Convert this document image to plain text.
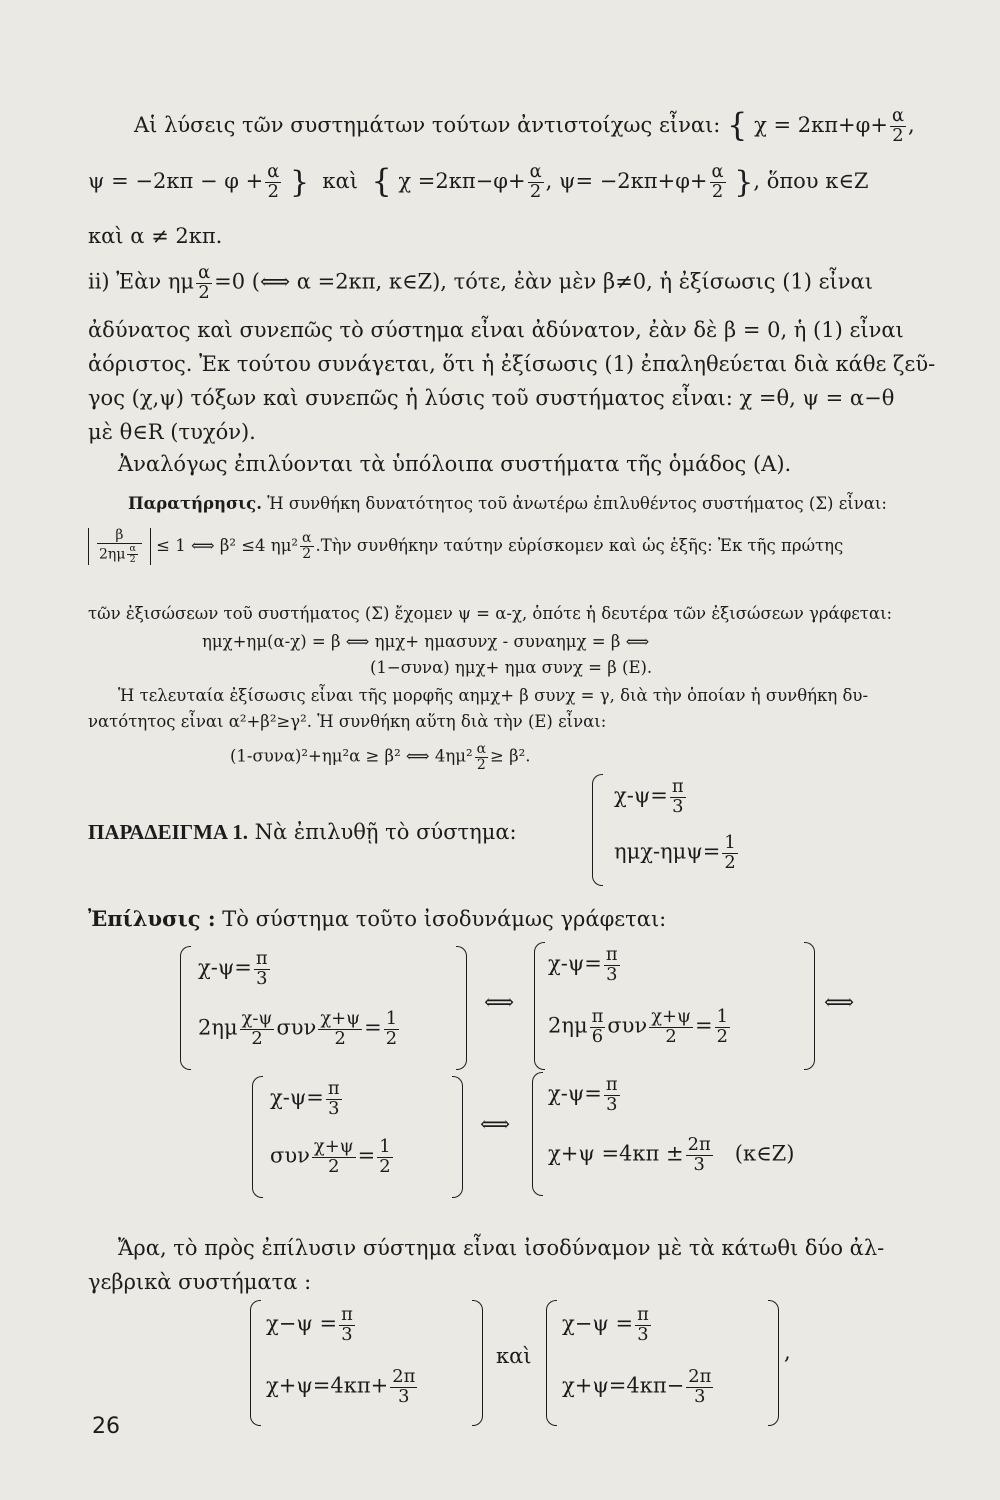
Αἱ λύσεις τῶν συστημάτων τούτων ἀντιστοίχως εἶναι: { $\chi = 2\kappa\pi+\varphi+ \frac{\alpha}{2}$ ,
$\psi = -2\kappa\pi - \varphi + \frac{\alpha}{2}$ } καὶ { $\chi =2\kappa\pi-\varphi+ \frac{\alpha}{2}$ , $\psi= -2\kappa\pi+\varphi+ \frac{\alpha}{2}$ }, ὅπου κ∈Z
καὶ α ≠ 2κπ.
ii) Ἐὰν ημ $\frac{\alpha}{2} =0$ (⟺ α =2κπ, κ∈Z), τότε, ἐὰν μὲν β≠0, ἡ ἐξίσωσις (1) εἶναι
ἀδύνατος καὶ συνεπῶς τὸ σύστημα εἶναι ἀδύνατον, ἐὰν δὲ β = 0, ἡ (1) εἶναι
ἀόριστος. Ἐκ τούτου συνάγεται, ὅτι ἡ ἐξίσωσις (1) ἐπαληθεύεται διὰ κάθε ζεῦ-
γος (χ,ψ) τόξων καὶ συνεπῶς ἡ λύσις τοῦ συστήματος εἶναι: χ =θ, ψ = α−θ
μὲ θ∈R (τυχόν).
Ἀναλόγως ἐπιλύονται τὰ ὑπόλοιπα συστήματα τῆς ὁμάδος (Α).
Παρατήρησις. Ἡ συνθήκη δυνατότητος τοῦ ἀνωτέρω ἐπιλυθέντος συστήματος (Σ) εἶναι:
$\frac{\beta}{2\eta\mu \frac{\alpha}{2}} \le 1$ ⟺ β² ≤4 $\eta\mu^2 \frac{\alpha}{2}$ .Τὴν συνθήκην ταύτην εὑρίσκομεν καὶ ὡς ἑξῆς: Ἐκ τῆς πρώτης
τῶν ἐξισώσεων τοῦ συστήματος (Σ) ἔχομεν ψ = α-χ, ὁπότε ἡ δευτέρα τῶν ἐξισώσεων γράφεται:
ημχ+ημ(α-χ) = β ⟺ ημχ+ ημασυνχ - συναημχ = β ⟺
(1−συνα) ημχ+ ημα συνχ = β (Ε).
Ἡ τελευταία ἐξίσωσις εἶναι τῆς μορφῆς αημχ+ β συνχ = γ, διὰ τὴν ὁποίαν ἡ συνθήκη δυ-
νατότητος εἶναι α²+β²≥γ². Ἡ συνθήκη αὕτη διὰ τὴν (Ε) εἶναι:
(1-συνα)²+ημ²α ≥ β² ⟺ $4\eta\mu^2 \frac{\alpha}{2} \ge \beta^2$.
ΠΑΡΑΔΕΙΓΜΑ 1. Νὰ ἐπιλυθῇ τὸ σύστημα:
$\chi-\psi= \frac{\pi}{3}$
$\eta\mu\chi-\eta\mu\psi= \frac{1}{2}$
Ἐπίλυσις : Τὸ σύστημα τοῦτο ἰσοδυνάμως γράφεται:
$\chi-\psi= \frac{\pi}{3}$
$2\eta\mu \frac{\chi-\psi}{2}$ συν $\frac{\chi+\psi}{2} = \frac{1}{2}$
⟺
$\chi-\psi= \frac{\pi}{3}$
$2\eta\mu \frac{\pi}{6}$ συν $\frac{\chi+\psi}{2} = \frac{1}{2}$
⟺
$\chi-\psi= \frac{\pi}{3}$
συν $\frac{\chi+\psi}{2} = \frac{1}{2}$
⟺
$\chi-\psi= \frac{\pi}{3}$
$\chi+\psi =4\kappa\pi \pm \frac{2\pi}{3}$ (κ∈Z)
Ἄρα, τὸ πρὸς ἐπίλυσιν σύστημα εἶναι ἰσοδύναμον μὲ τὰ κάτωθι δύο ἀλ-
γεβρικὰ συστήματα :
$\chi-\psi = \frac{\pi}{3}$
$\chi+\psi=4\kappa\pi+ \frac{2\pi}{3}$
καὶ
$\chi-\psi = \frac{\pi}{3}$
$\chi+\psi=4\kappa\pi- \frac{2\pi}{3}$
,
26
